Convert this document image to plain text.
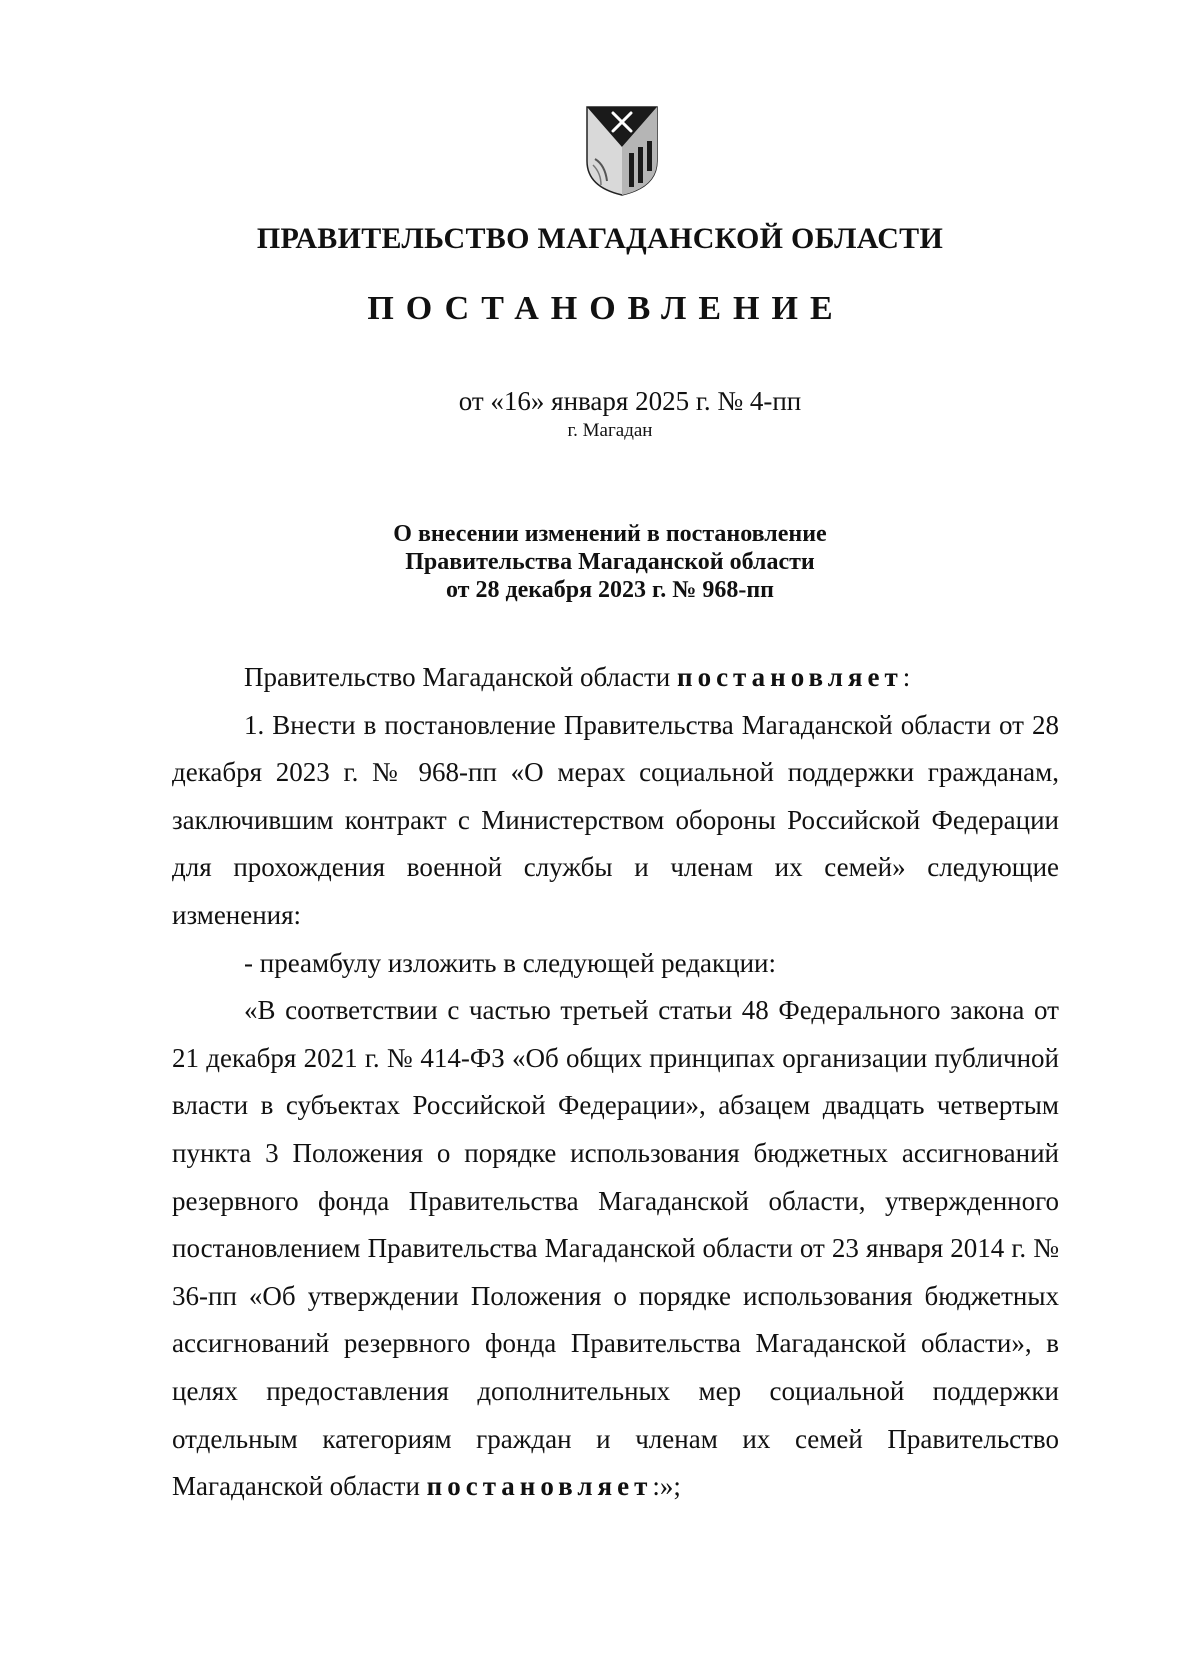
ПРАВИТЕЛЬСТВО МАГАДАНСКОЙ ОБЛАСТИ
ПОСТАНОВЛЕНИЕ
от «16» января 2025 г. № 4-пп
г. Магадан
О внесении изменений в постановление
Правительства Магаданской области
от 28 декабря 2023 г. № 968-пп

Правительство Магаданской области постановляет:

1. Внести в постановление Правительства Магаданской области от 28 декабря 2023 г. № 968-пп «О мерах социальной поддержки гражданам, заключившим контракт с Министерством обороны Российской Федерации для прохождения военной службы и членам их семей» следующие изменения:

- преамбулу изложить в следующей редакции:

«В соответствии с частью третьей статьи 48 Федерального закона от 21 декабря 2021 г. № 414-ФЗ «Об общих принципах организации публичной власти в субъектах Российской Федерации», абзацем двадцать четвертым пункта 3 Положения о порядке использования бюджетных ассигнований резервного фонда Правительства Магаданской области, утвержденного постановлением Правительства Магаданской области от 23 января 2014 г. № 36-пп «Об утверждении Положения о порядке использования бюджетных ассигнований резервного фонда Правительства Магаданской области», в целях предоставления дополнительных мер социальной поддержки отдельным категориям граждан и членам их семей Правительство Магаданской области постановляет:»;
